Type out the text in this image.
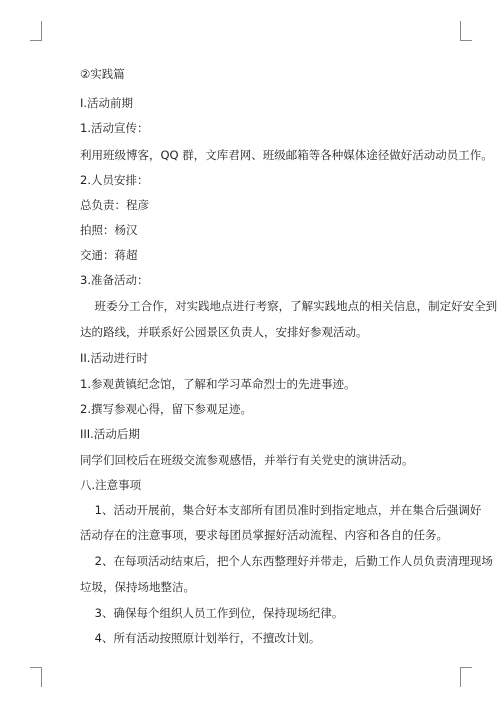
②实践篇
I.活动前期
1.活动宣传：
利用班级博客，QQ 群，文库君网、班级邮箱等各种媒体途径做好活动动员工作。
2.人员安排：
总负责：程彦
拍照：杨汉
交通：蒋超
3.准备活动：
班委分工合作，对实践地点进行考察，了解实践地点的相关信息，制定好安全到
达的路线，并联系好公园景区负责人，安排好参观活动。
II.活动进行时
1.参观黄镇纪念馆，了解和学习革命烈士的先进事迹。
2.撰写参观心得，留下参观足迹。
III.活动后期
同学们回校后在班级交流参观感悟，并举行有关党史的演讲活动。
八.注意事项
1、活动开展前，集合好本支部所有团员准时到指定地点，并在集合后强调好
活动存在的注意事项，要求每团员掌握好活动流程、内容和各自的任务。
2、在每项活动结束后，把个人东西整理好并带走，后勤工作人员负责清理现场
垃圾，保持场地整洁。
3、确保每个组织人员工作到位，保持现场纪律。
4、所有活动按照原计划举行，不擅改计划。
